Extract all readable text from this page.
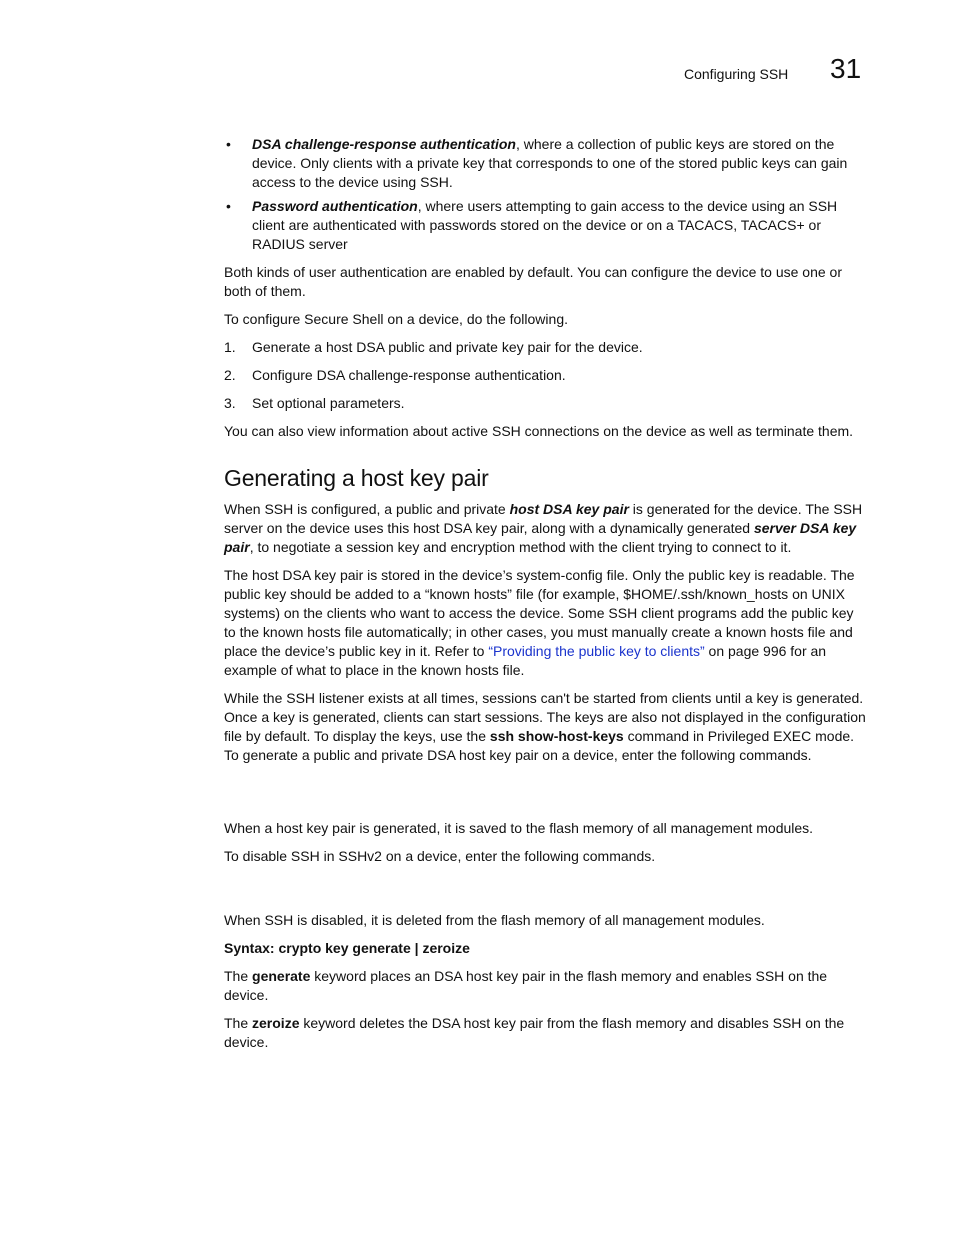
Configuring SSH 31
• DSA challenge-response authentication, where a collection of public keys are stored on the device. Only clients with a private key that corresponds to one of the stored public keys can gain access to the device using SSH.
• Password authentication, where users attempting to gain access to the device using an SSH client are authenticated with passwords stored on the device or on a TACACS, TACACS+ or RADIUS server

Both kinds of user authentication are enabled by default. You can configure the device to use one or both of them.

To configure Secure Shell on a device, do the following.

1. Generate a host DSA public and private key pair for the device.
2. Configure DSA challenge-response authentication.
3. Set optional parameters.

You can also view information about active SSH connections on the device as well as terminate them.

Generating a host key pair

When SSH is configured, a public and private host DSA key pair is generated for the device. The SSH server on the device uses this host DSA key pair, along with a dynamically generated server DSA key pair, to negotiate a session key and encryption method with the client trying to connect to it.

The host DSA key pair is stored in the device’s system-config file. Only the public key is readable. The public key should be added to a “known hosts” file (for example, $HOME/.ssh/known_hosts on UNIX systems) on the clients who want to access the device. Some SSH client programs add the public key to the known hosts file automatically; in other cases, you must manually create a known hosts file and place the device’s public key in it. Refer to “Providing the public key to clients” on page 996 for an example of what to place in the known hosts file.

While the SSH listener exists at all times, sessions can't be started from clients until a key is generated. Once a key is generated, clients can start sessions. The keys are also not displayed in the configuration file by default. To display the keys, use the ssh show-host-keys command in Privileged EXEC mode. To generate a public and private DSA host key pair on a device, enter the following commands.

When a host key pair is generated, it is saved to the flash memory of all management modules.

To disable SSH in SSHv2 on a device, enter the following commands.

When SSH is disabled, it is deleted from the flash memory of all management modules.

Syntax: crypto key generate | zeroize

The generate keyword places an DSA host key pair in the flash memory and enables SSH on the device.

The zeroize keyword deletes the DSA host key pair from the flash memory and disables SSH on the device.
